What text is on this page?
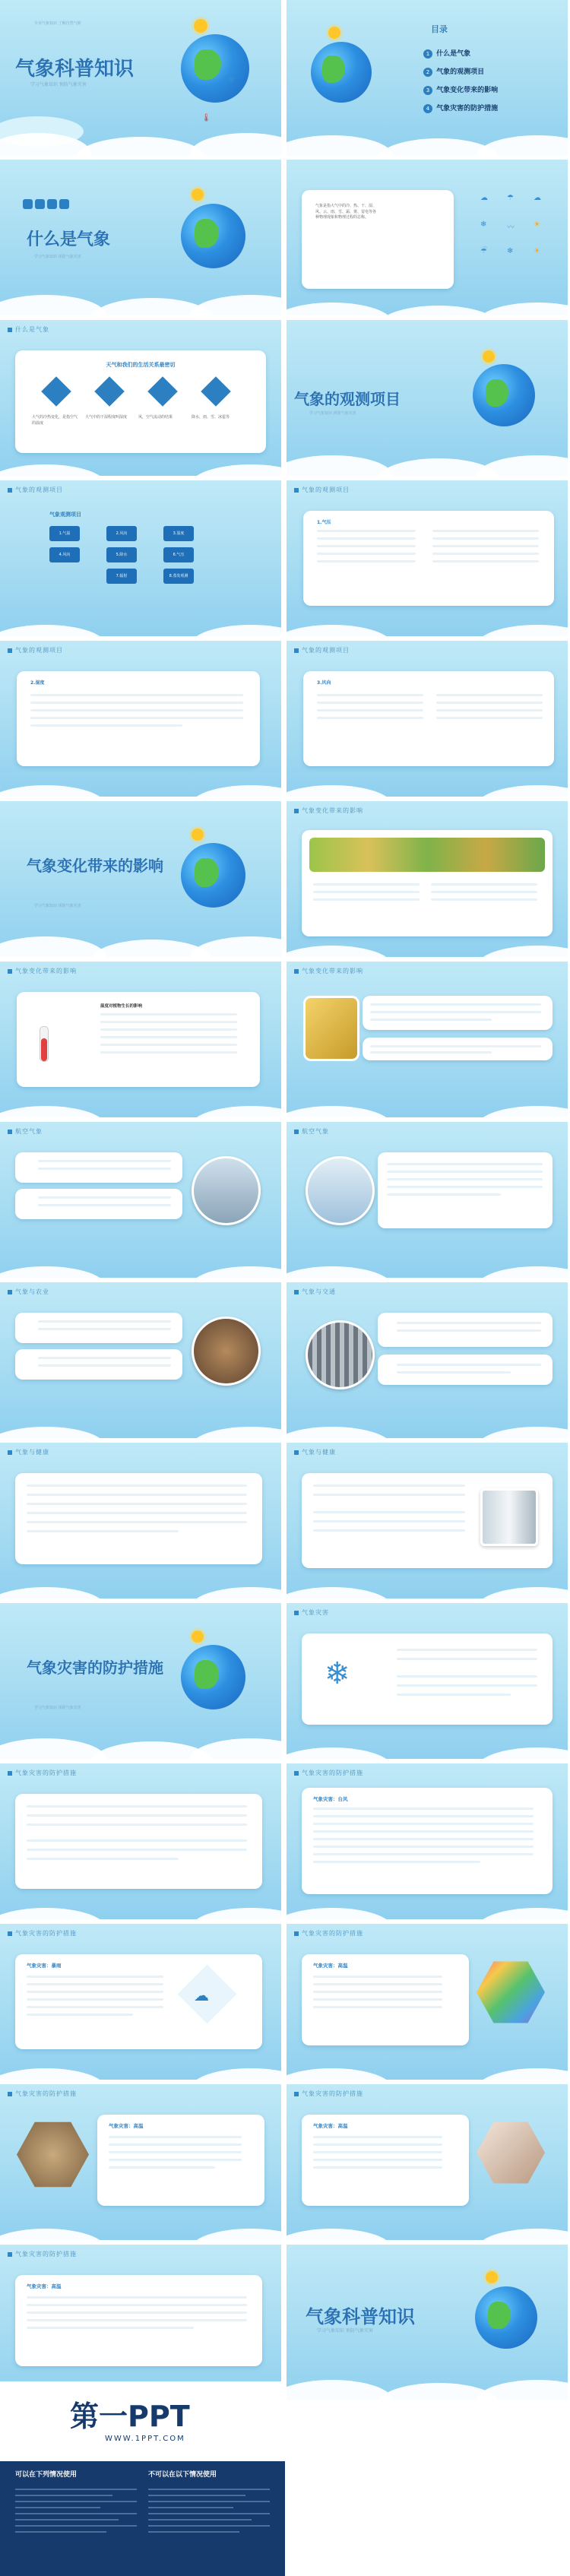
专业气象知识 了解自然气候
气象科普知识
学习气象知识 预防气象灾害
❄
🌡
目录
1 什么是气象
2 气象的观测项目
3 气象变化带来的影响
4 气象灾害的防护措施
什么是气象
学习气象知识 预防气象灾害
气象是指大气中的冷、热、干、湿、风、云、雨、雪、霜、雾、雷电等各种物理现象和物理过程的总称。
☁	☂	☁
❄	〰	☀
☔	❄	☀
什么是气象
天气和我们的生活关系最密切
大气的冷热变化，是指空气的温度
大气中的干湿程度叫湿度	风，空气流动的结果	降水，雨、雪、冰雹等
气象的观测项目
学习气象知识 预防气象灾害
气象的观测项目
气象观测项目
1.气温	2.风向	3.湿度
4.风向	5.降水	6.气压
7.辐射	8.蒸发观测
气象的观测项目
1.气压
气象的观测项目
2.湿度
气象的观测项目
3.风向
气象变化带来的影响
学习气象知识 预防气象灾害
气象变化带来的影响
气象变化带来的影响
温度对植物生长的影响
气象变化带来的影响
航空气象	航空气象
气象与农业	气象与交通
气象与健康	气象与健康
气象灾害的防护措施
学习气象知识 预防气象灾害
气象灾害
❄
气象灾害的防护措施	气象灾害的防护措施
气象灾害：台风
气象灾害的防护措施
气象灾害：暴雨
☁
气象灾害的防护措施
气象灾害：高温
气象灾害的防护措施
气象灾害：高温
气象灾害的防护措施
气象灾害：高温
气象灾害的防护措施
气象灾害：高温
气象科普知识
学习气象知识 预防气象灾害
第一PPT
WWW.1PPT.COM
可以在下列情况使用	不可以在以下情况使用
